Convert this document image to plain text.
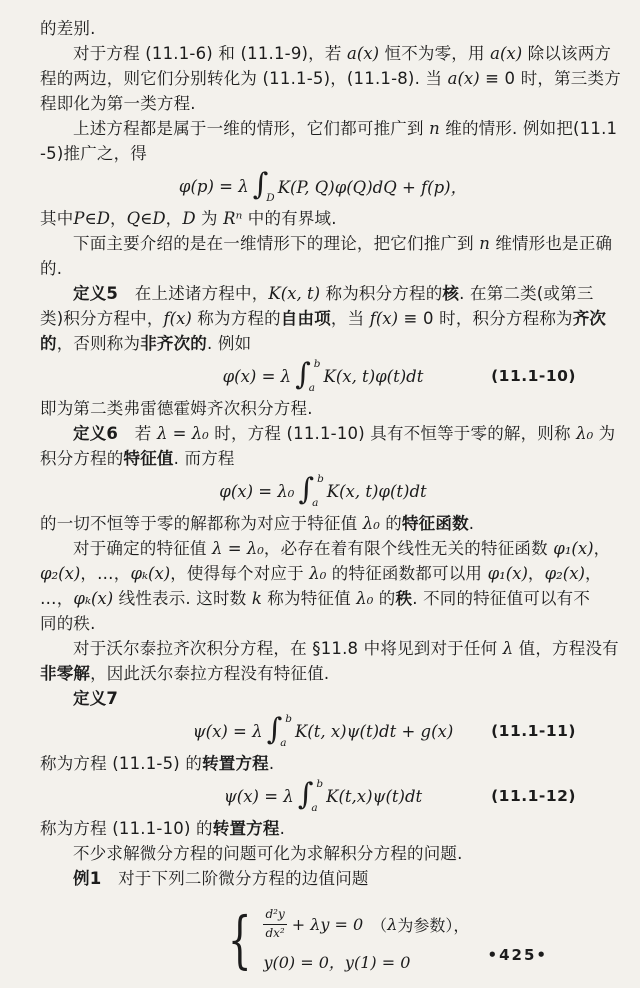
的差别.
对于方程 (11.1-6) 和 (11.1-9)，若 a(x) 恒不为零，用 a(x) 除以该两方
程的两边，则它们分别转化为 (11.1-5)，(11.1-8). 当 a(x) ≡ 0 时，第三类方
程即化为第一类方程.
上述方程都是属于一维的情形，它们都可推广到 n 维的情形. 例如把(11.1
-5)推广之，得
φ(p) = λ ∫
D
K(P, Q)φ(Q)dQ + f(p)，
其中P∈D，Q∈D，D 为 Rⁿ 中的有界域.
下面主要介绍的是在一维情形下的理论，把它们推广到 n 维情形也是正确
的.
定义5　在上述诸方程中，K(x, t) 称为积分方程的核. 在第二类(或第三
类)积分方程中，f(x) 称为方程的自由项，当 f(x) ≡ 0 时，积分方程称为齐次
的，否则称为非齐次的. 例如
φ(x) = λ ∫ b
a
K(x, t)φ(t)dt	(11.1-10)
即为第二类弗雷德霍姆齐次积分方程.
定义6　若 λ = λ₀ 时，方程 (11.1-10) 具有不恒等于零的解，则称 λ₀ 为
积分方程的特征值. 而方程
φ(x) = λ₀ ∫ b
a
K(x, t)φ(t)dt
的一切不恒等于零的解都称为对应于特征值 λ₀ 的特征函数.
对于确定的特征值 λ = λ₀，必存在着有限个线性无关的特征函数 φ₁(x)，
φ₂(x)，…，φₖ(x)，使得每个对应于 λ₀ 的特征函数都可以用 φ₁(x)，φ₂(x)，
…，φₖ(x) 线性表示. 这时数 k 称为特征值 λ₀ 的秩. 不同的特征值可以有不
同的秩.
对于沃尔泰拉齐次积分方程，在 §11.8 中将见到对于任何 λ 值，方程没有
非零解，因此沃尔泰拉方程没有特征值.
定义7
ψ(x) = λ ∫ b
a
K(t, x)ψ(t)dt + g(x) (11.1-11)
称为方程 (11.1-5) 的转置方程.
ψ(x) = λ ∫ b
a
K(t,x)ψ(t)dt	(11.1-12)
称为方程 (11.1-10) 的转置方程.
不少求解微分方程的问题可化为求解积分方程的问题.
例1　对于下列二阶微分方程的边值问题
{ $\frac{\text{d²y}}{\text{dx²}} + \lambda y = 0$ 　（ λ 为参数），
y(0) = 0，y(1) = 0	•425•
